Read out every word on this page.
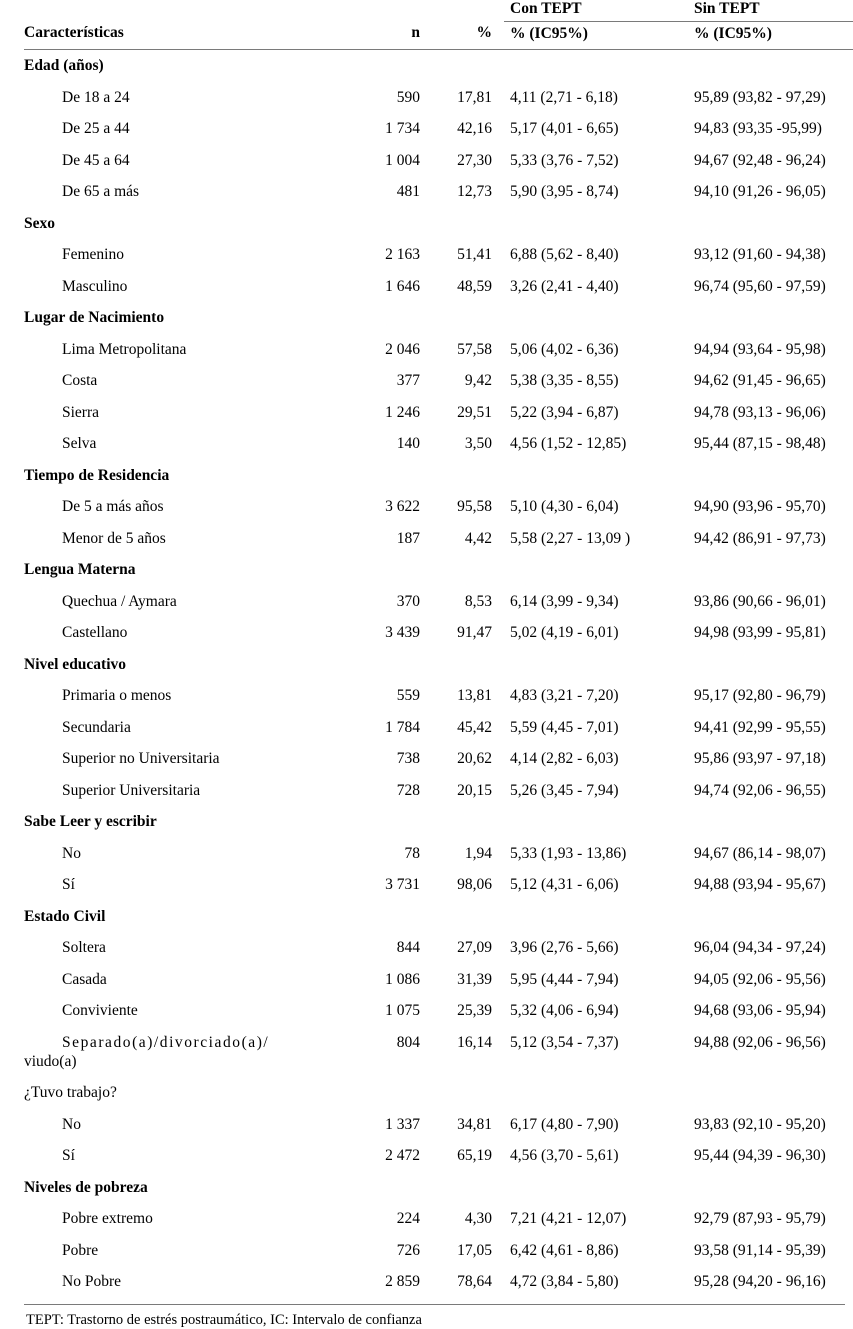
Características	n	%	Con TEPT	Sin TEPT
			% (IC95%)	% (IC95%)

Edad (años)				
De 18 a 24	590	17,81	4,11 (2,71 - 6,18)	95,89 (93,82 - 97,29)
De 25 a 44	1 734	42,16	5,17 (4,01 - 6,65)	94,83 (93,35 -95,99)
De 45 a 64	1 004	27,30	5,33 (3,76 - 7,52)	94,67 (92,48 - 96,24)
De 65 a más	481	12,73	5,90 (3,95 - 8,74)	94,10 (91,26 - 96,05)
Sexo				
Femenino	2 163	51,41	6,88 (5,62 - 8,40)	93,12 (91,60 - 94,38)
Masculino	1 646	48,59	3,26 (2,41 - 4,40)	96,74 (95,60 - 97,59)
Lugar de Nacimiento				
Lima Metropolitana	2 046	57,58	5,06 (4,02 - 6,36)	94,94 (93,64 - 95,98)
Costa	377	9,42	5,38 (3,35 - 8,55)	94,62 (91,45 - 96,65)
Sierra	1 246	29,51	5,22 (3,94 - 6,87)	94,78 (93,13 - 96,06)
Selva	140	3,50	4,56 (1,52 - 12,85)	95,44 (87,15 - 98,48)
Tiempo de Residencia				
De 5 a más años	3 622	95,58	5,10 (4,30 - 6,04)	94,90 (93,96 - 95,70)
Menor de 5 años	187	4,42	5,58 (2,27 - 13,09 )	94,42 (86,91 - 97,73)
Lengua Materna				
Quechua / Aymara	370	8,53	6,14 (3,99 - 9,34)	93,86 (90,66 - 96,01)
Castellano	3 439	91,47	5,02 (4,19 - 6,01)	94,98 (93,99 - 95,81)
Nivel educativo				
Primaria o menos	559	13,81	4,83 (3,21 - 7,20)	95,17 (92,80 - 96,79)
Secundaria	1 784	45,42	5,59 (4,45 - 7,01)	94,41 (92,99 - 95,55)
Superior no Universitaria	738	20,62	4,14 (2,82 - 6,03)	95,86 (93,97 - 97,18)
Superior Universitaria	728	20,15	5,26 (3,45 - 7,94)	94,74 (92,06 - 96,55)
Sabe Leer y escribir				
No	78	1,94	5,33 (1,93 - 13,86)	94,67 (86,14 - 98,07)
Sí	3 731	98,06	5,12 (4,31 - 6,06)	94,88 (93,94 - 95,67)
Estado Civil				
Soltera	844	27,09	3,96 (2,76 - 5,66)	96,04 (94,34 - 97,24)
Casada	1 086	31,39	5,95 (4,44 - 7,94)	94,05 (92,06 - 95,56)
Conviviente	1 075	25,39	5,32 (4,06 - 6,94)	94,68 (93,06 - 95,94)

Separado(a)/divorciado(a)/
viudo(a)	804	16,14	5,12 (3,54 - 7,37)	94,88 (92,06 - 96,56)
¿Tuvo trabajo?				
No	1 337	34,81	6,17 (4,80 - 7,90)	93,83 (92,10 - 95,20)
Sí	2 472	65,19	4,56 (3,70 - 5,61)	95,44 (94,39 - 96,30)
Niveles de pobreza				
Pobre extremo	224	4,30	7,21 (4,21 - 12,07)	92,79 (87,93 - 95,79)
Pobre	726	17,05	6,42 (4,61 - 8,86)	93,58 (91,14 - 95,39)
No Pobre	2 859	78,64	4,72 (3,84 - 5,80)	95,28 (94,20 - 96,16)
TEPT: Trastorno de estrés postraumático, IC: Intervalo de confianza
